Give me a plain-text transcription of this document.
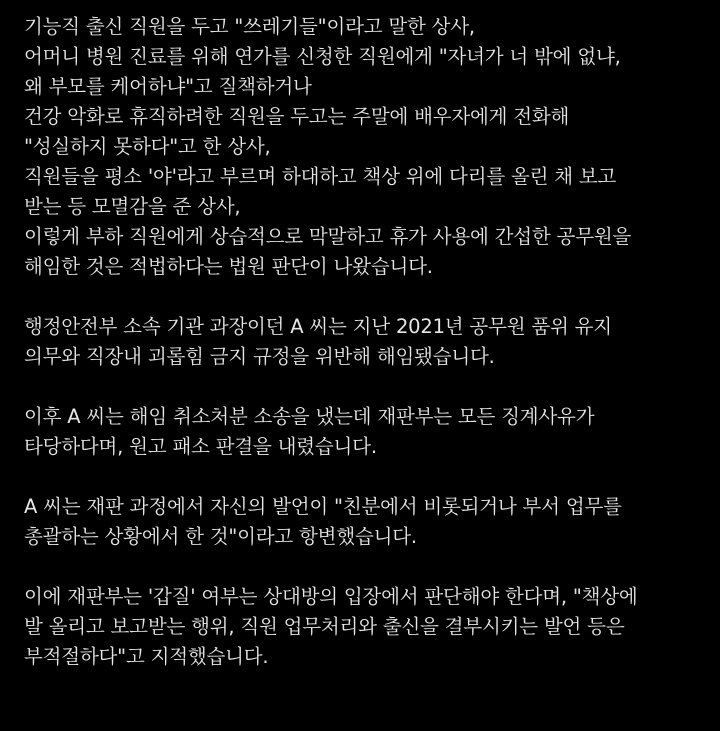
기능직 출신 직원을 두고 "쓰레기들"이라고 말한 상사,
어머니 병원 진료를 위해 연가를 신청한 직원에게 "자녀가 너 밖에 없냐,
왜 부모를 케어하냐"고 질책하거나
건강 악화로 휴직하려한 직원을 두고는 주말에 배우자에게 전화해
"성실하지 못하다"고 한 상사,
직원들을 평소 '야'라고 부르며 하대하고 책상 위에 다리를 올린 채 보고
받는 등 모멸감을 준 상사,
이렇게 부하 직원에게 상습적으로 막말하고 휴가 사용에 간섭한 공무원을
해임한 것은 적법하다는 법원 판단이 나왔습니다.
행정안전부 소속 기관 과장이던 A 씨는 지난 2021년 공무원 품위 유지
의무와 직장내 괴롭힘 금지 규정을 위반해 해임됐습니다.
이후 A 씨는 해임 취소처분 소송을 냈는데 재판부는 모든 징계사유가
타당하다며, 원고 패소 판결을 내렸습니다.
A 씨는 재판 과정에서 자신의 발언이 "친분에서 비롯되거나 부서 업무를
총괄하는 상황에서 한 것"이라고 항변했습니다.
이에 재판부는 '갑질' 여부는 상대방의 입장에서 판단해야 한다며, "책상에
발 올리고 보고받는 행위, 직원 업무처리와 출신을 결부시키는 발언 등은
부적절하다"고 지적했습니다.
